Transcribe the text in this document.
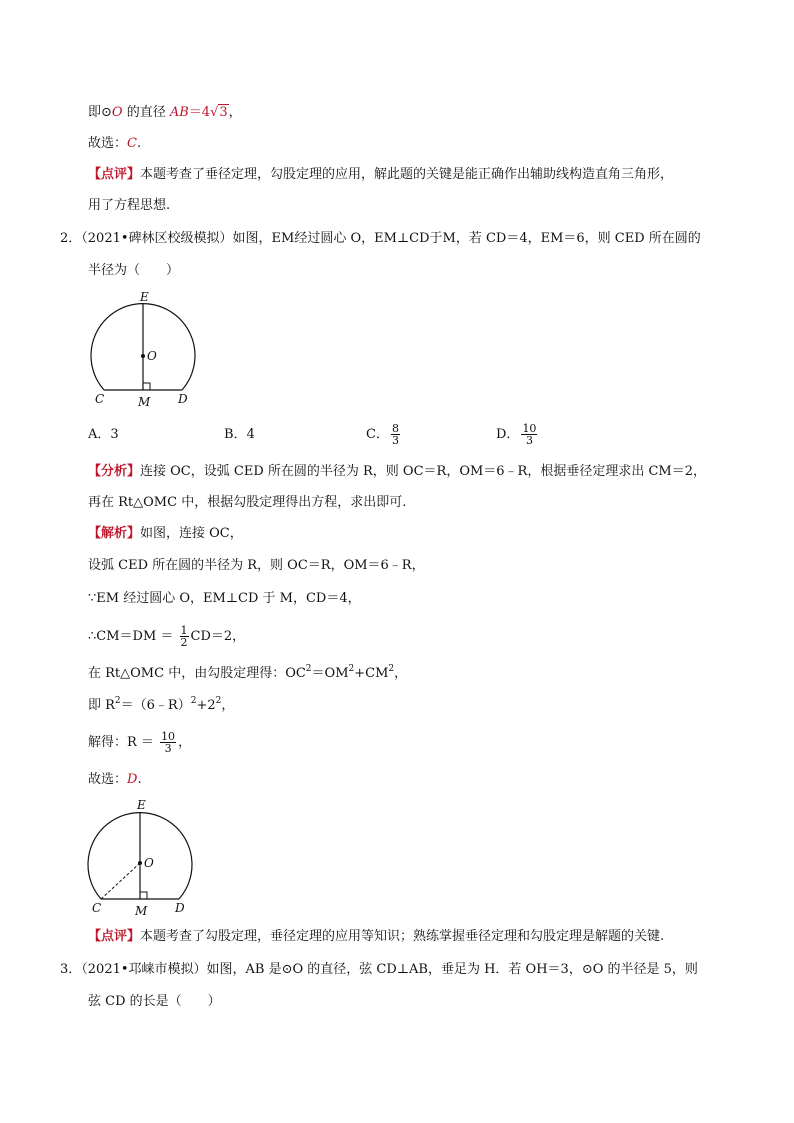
即⊙O 的直径 AB＝4√3，
故选：C.
【点评】本题考查了垂径定理，勾股定理的应用，解此题的关键是能正确作出辅助线构造直角三角形，
用了方程思想.
2．（2021•碑林区校级模拟）如图，EM经过圆心 O，EM⊥CD于M，若 CD＝4，EM＝6，则 CED 所在圆的
半径为（　　）
E
O
C	M D
A．3	B．4	C． $\frac{8}{3}$	D． $\frac{10}{3}$
【分析】连接 OC，设弧 CED 所在圆的半径为 R，则 OC＝R，OM＝6﹣R，根据垂径定理求出 CM＝2，
再在 Rt△OMC 中，根据勾股定理得出方程，求出即可.
【解析】如图，连接 OC，
设弧 CED 所在圆的半径为 R，则 OC＝R，OM＝6﹣R，
∵EM 经过圆心 O，EM⊥CD 于 M，CD＝4，
∴CM＝DM ＝ $\frac{1}{2} CD=2$，
在 Rt△OMC 中，由勾股定理得：$OC^2=OM^2+CM^2$，
即 $R^2=(6﹣R)^2+2^2$，
解得：$R = \frac{10}{3}$ ，
故选：D.
E
O
C	M D
【点评】本题考查了勾股定理，垂径定理的应用等知识；熟练掌握垂径定理和勾股定理是解题的关键.
3．（2021•邛崃市模拟）如图，AB 是⊙O 的直径，弦 CD⊥AB，垂足为 H．若 OH＝3，⊙O 的半径是 5，则
弦 CD 的长是（　　）
